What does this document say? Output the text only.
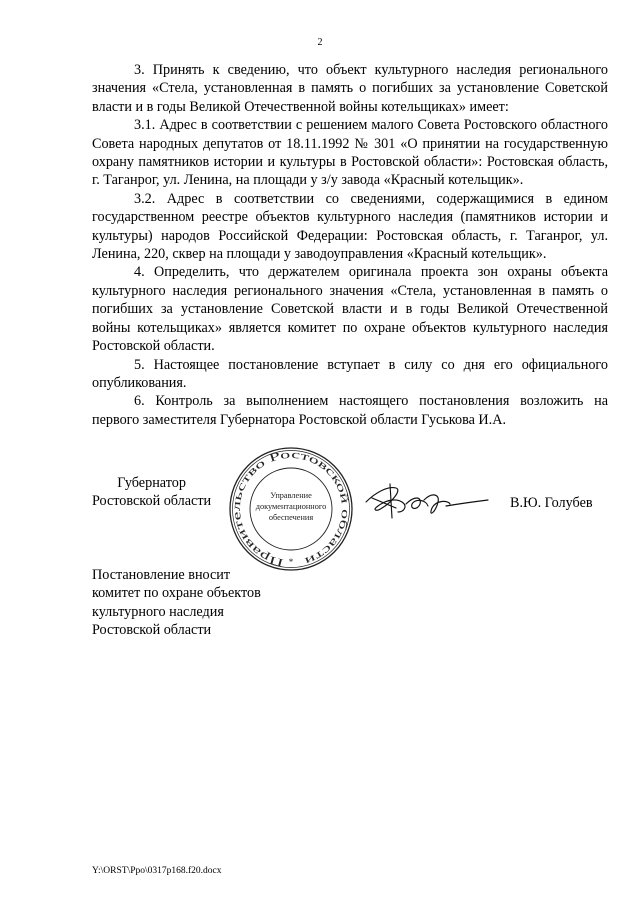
2

3. Принять к сведению, что объект культурного наследия регионального значения «Стела, установленная в память о погибших за установление Советской власти и в годы Великой Отечественной войны котельщиках» имеет:

3.1. Адрес в соответствии с решением малого Совета Ростовского областного Совета народных депутатов от 18.11.1992 № 301 «О принятии на государственную охрану памятников истории и культуры в Ростовской области»: Ростовская область, г. Таганрог, ул. Ленина, на площади у з/у завода «Красный котельщик».

3.2. Адрес в соответствии со сведениями, содержащимися в едином государственном реестре объектов культурного наследия (памятников истории и культуры) народов Российской Федерации: Ростовская область, г. Таганрог, ул. Ленина, 220, сквер на площади у заводоуправления «Красный котельщик».

4. Определить, что держателем оригинала проекта зон охраны объекта культурного наследия регионального значения «Стела, установленная в память о погибших за установление Советской власти и в годы Великой Отечественной войны котельщиках» является комитет по охране объектов культурного наследия Ростовской области.

5. Настоящее постановление вступает в силу со дня его официального опубликования.

6. Контроль за выполнением настоящего постановления возложить на первого заместителя Губернатора Ростовской области Гуськова И.А.

Губернатор
Ростовской области
Правительство Ростовской области
Управление
документационного
обеспечения
*
В.Ю. Голубев
Постановление вносит
комитет по охране объектов
культурного наследия
Ростовской области
Y:\ORST\Ppo\0317p168.f20.docx
